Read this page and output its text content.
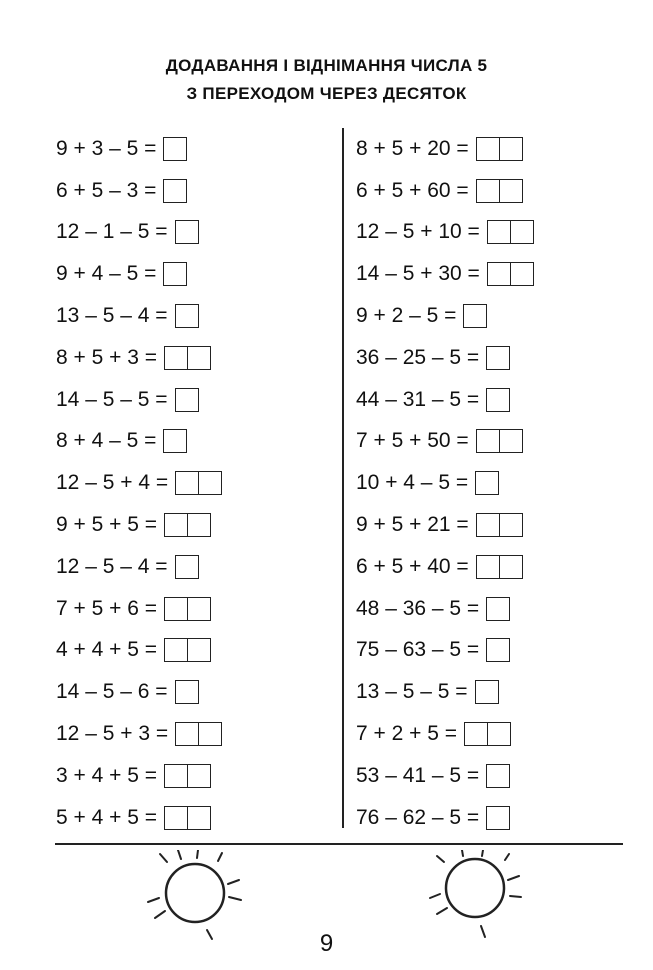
ДОДАВАННЯ І ВІДНІМАННЯ ЧИСЛА 5
З ПЕРЕХОДОМ ЧЕРЕЗ ДЕСЯТОК
9 + 3 – 5 =
6 + 5 – 3 =
12 – 1 – 5 =
9 + 4 – 5 =
13 – 5 – 4 =
8 + 5 + 3 =
14 – 5 – 5 =
8 + 4 – 5 =
12 – 5 + 4 =
9 + 5 + 5 =
12 – 5 – 4 =
7 + 5 + 6 =
4 + 4 + 5 =
14 – 5 – 6 =
12 – 5 + 3 =
3 + 4 + 5 =
5 + 4 + 5 =
8 + 5 + 20 =
6 + 5 + 60 =
12 – 5 + 10 =
14 – 5 + 30 =
9 + 2 – 5 =
36 – 25 – 5 =
44 – 31 – 5 =
7 + 5 + 50 =
10 + 4 – 5 =
9 + 5 + 21 =
6 + 5 + 40 =
48 – 36 – 5 =
75 – 63 – 5 =
13 – 5 – 5 =
7 + 2 + 5 =
53 – 41 – 5 =
76 – 62 – 5 =
9
